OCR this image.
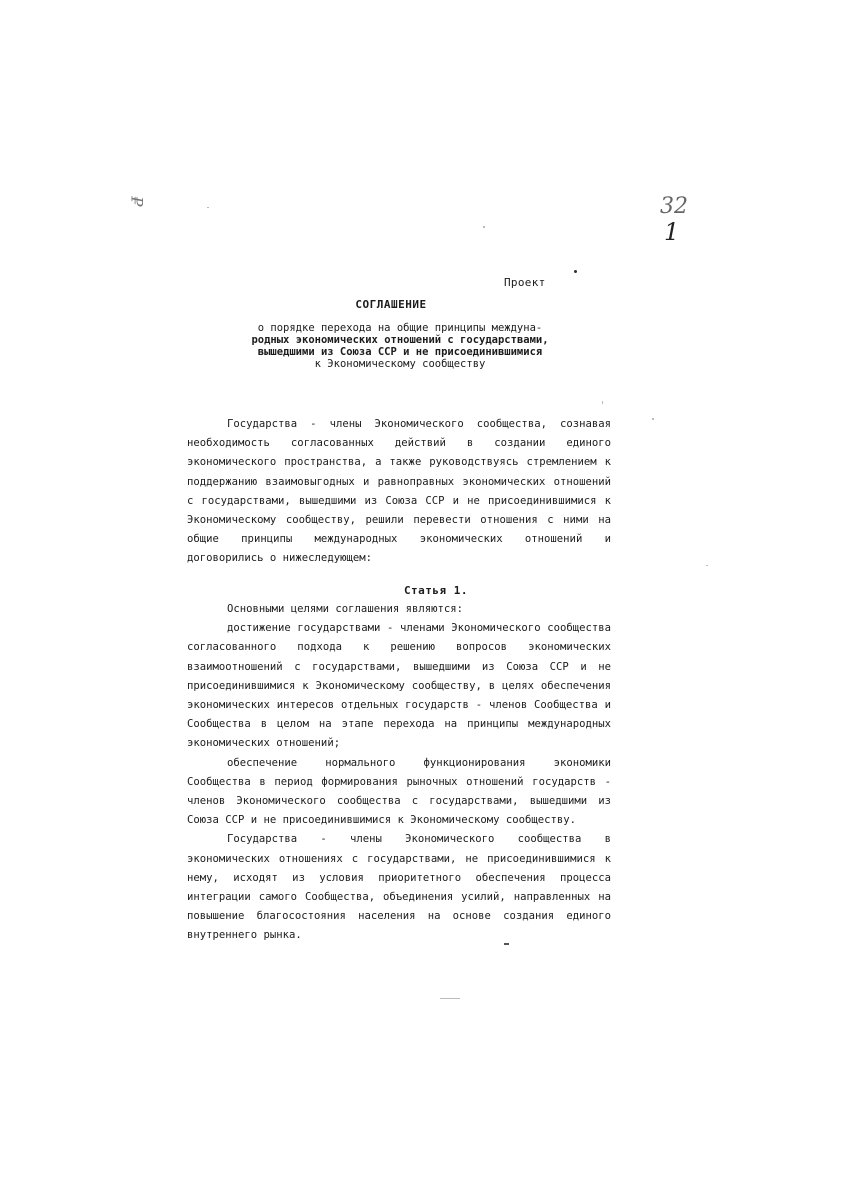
₽	32
1
Проект
СОГЛАШЕНИЕ
о порядке перехода на общие принципы междуна-
родных экономических отношений с государствами,
вышедшими из Союза ССР и не присоединившимися
к Экономическому сообществу

Государства - члены Экономического сообщества, сознавая необходимость согласованных действий в создании единого экономического пространства, а также руководствуясь стремлением к поддержанию взаимовыгодных и равноправных экономических отношений с государствами, вышедшими из Союза ССР и не присоединившимися к Экономическому сообществу, решили перевести отношения с ними на общие принципы международных экономических отношений и договорились о нижеследующем:

Статья 1.

Основными целями соглашения являются:

достижение государствами - членами Экономического сообщества согласованного подхода к решению вопросов экономических взаимоотношений с государствами, вышедшими из Союза ССР и не присоединившимися к Экономическому сообществу, в целях обеспечения экономических интересов отдельных государств - членов Сообщества и Сообщества в целом на этапе перехода на принципы международных экономических отношений;

обеспечение нормального функционирования экономики Сообщества в период формирования рыночных отношений государств - членов Экономического сообщества с государствами, вышедшими из Союза ССР и не присоединившимися к Экономическому сообществу.

Государства - члены Экономического сообщества в экономических отношениях с государствами, не присоединившимися к нему, исходят из условия приоритетного обеспечения процесса интеграции самого Сообщества, объединения усилий, направленных на повышение благосостояния населения на основе создания единого внутреннего рынка.
